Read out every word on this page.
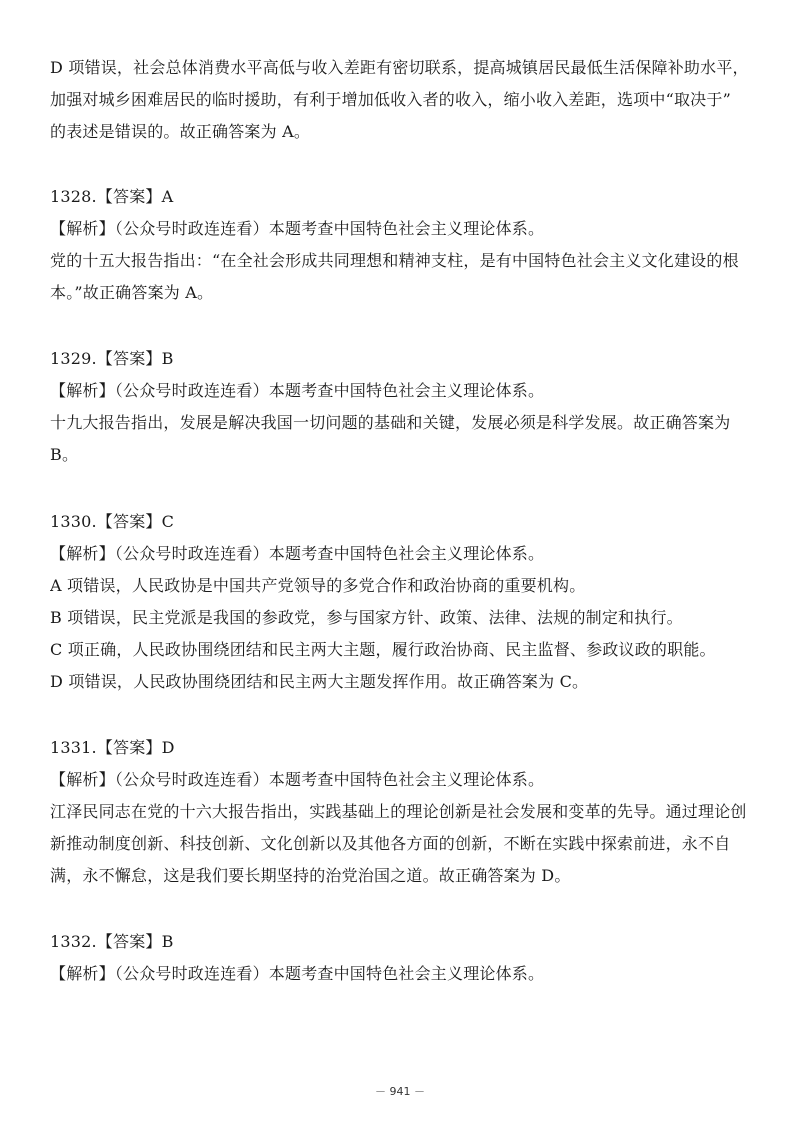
D 项错误，社会总体消费水平高低与收入差距有密切联系，提高城镇居民最低生活保障补助水平，
加强对城乡困难居民的临时援助，有利于增加低收入者的收入，缩小收入差距，选项中“取决于”
的表述是错误的。故正确答案为 A。
1328.【答案】A
【解析】（公众号时政连连看）本题考查中国特色社会主义理论体系。
党的十五大报告指出：“在全社会形成共同理想和精神支柱，是有中国特色社会主义文化建设的根
本。”故正确答案为 A。
1329.【答案】B
【解析】（公众号时政连连看）本题考查中国特色社会主义理论体系。
十九大报告指出，发展是解决我国一切问题的基础和关键，发展必须是科学发展。故正确答案为
B。
1330.【答案】C
【解析】（公众号时政连连看）本题考查中国特色社会主义理论体系。
A 项错误，人民政协是中国共产党领导的多党合作和政治协商的重要机构。
B 项错误，民主党派是我国的参政党，参与国家方针、政策、法律、法规的制定和执行。
C 项正确，人民政协围绕团结和民主两大主题，履行政治协商、民主监督、参政议政的职能。
D 项错误，人民政协围绕团结和民主两大主题发挥作用。故正确答案为 C。
1331.【答案】D
【解析】（公众号时政连连看）本题考查中国特色社会主义理论体系。
江泽民同志在党的十六大报告指出，实践基础上的理论创新是社会发展和变革的先导。通过理论创
新推动制度创新、科技创新、文化创新以及其他各方面的创新，不断在实践中探索前进，永不自
满，永不懈怠，这是我们要长期坚持的治党治国之道。故正确答案为 D。
1332.【答案】B
【解析】（公众号时政连连看）本题考查中国特色社会主义理论体系。
－ 941 －
